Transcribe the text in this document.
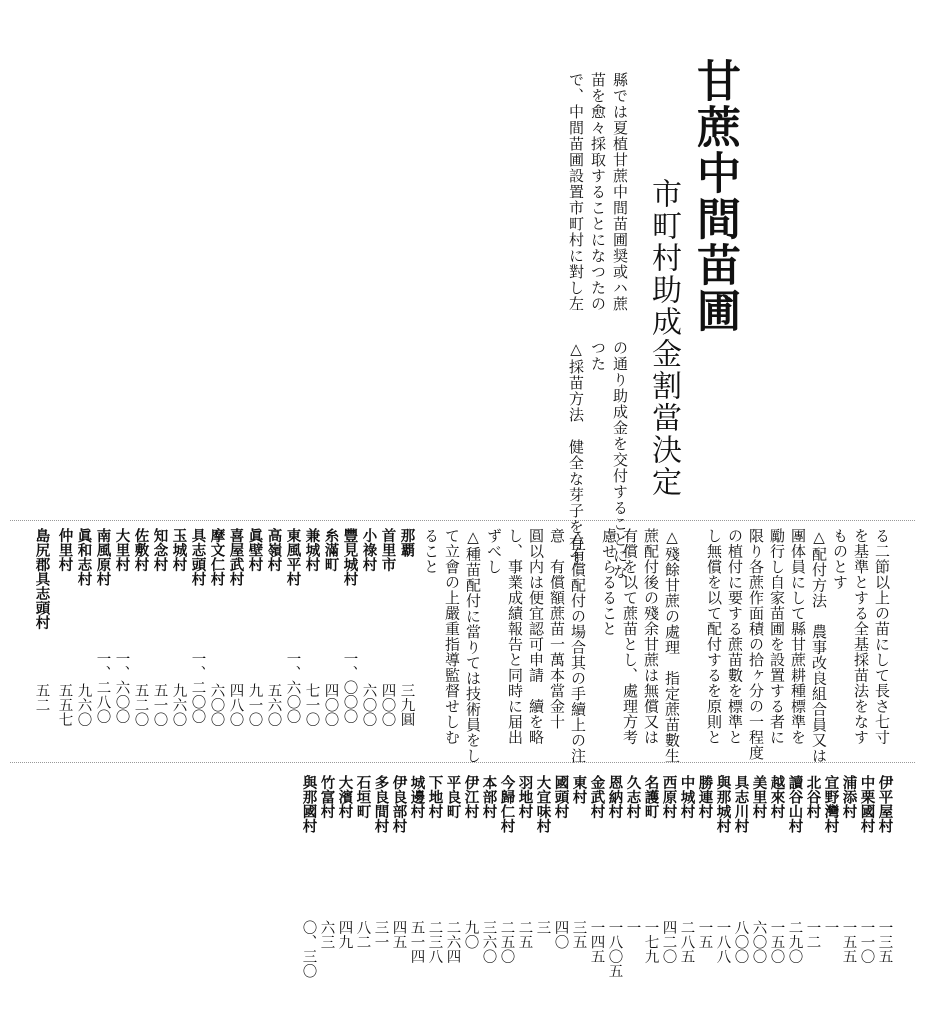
甘蔗中間苗圃
市町村助成金割當決定
縣では夏植甘蔗中間苗圃奨或ハ蔗
苗を愈々採取することになつたの
で、中間苗圃設置市町村に對し左
の通り助成金を交付することにな
つた
△採苗方法　健全な芽子を有す
る二節以上の苗にして長さ七寸
を基準とする全基採苗法をなす
ものとす
△配付方法　農事改良組合員又は
團体員にして縣甘蔗耕種標準を
勵行し自家苗圃を設置する者に
限り各蔗作面積の拾ヶ分の一程度
の植付に要する蔗苗數を標準と
し無償を以て配付するを原則と
△殘餘甘蔗の處理　指定蔗苗數生
蔗配付後の殘余甘蔗は無償又は
有償を以て蔗苗とし、處理方考
慮せらるること
△有償配付の場合其の手續上の注
意　有償額蔗苗一萬本當金十
圓以内は便宜認可申請　續を略
し、事業成績報告と同時に届出
ずべし
△種苗配付に當りては技術員をし
て立會の上嚴重指導監督せしむ
ること
那覇
三九圓
首里市
四〇〇
小祿村
六〇〇
豐見城村
一、〇〇〇
糸滿町
四〇〇
兼城村
七一〇
東風平村
一、六〇〇
高嶺村
五六〇
眞壁村
九一〇
喜屋武村
四八〇
摩文仁村
六〇〇
具志頭村
一、二〇〇
玉城村
九六〇
知念村
五一〇
佐敷村
五二〇
大里村
一、六〇〇
南風原村
一、二八〇
眞和志村
九六〇
仲里村
五五七
島尻郡具志頭村
五二
伊平屋村
一三五
中栗國村
一一〇
浦添村
一五五
宜野灣村
一
北谷村
一二
讀谷山村
二九〇
越來村
一五〇
美里村
六〇〇
具志川村
八〇〇
與那城村
一八八
勝連村
一五
中城村
二八五
西原村
四二〇
名護町
一七九
久志村
一
恩納村
一八〇五
金武村
一四五
東村
三五
國頭村
四〇
大宜味村
三
羽地村
二五
今歸仁村
二五〇
本部村
三六〇
伊江村
九〇
平良町
二六四
下地村
二三八
城邊村
五一四
伊良部村
四五
多良間村
三一
石垣町
八二
大濱村
四九
竹富村
六三
與那國村
〇、三〇
